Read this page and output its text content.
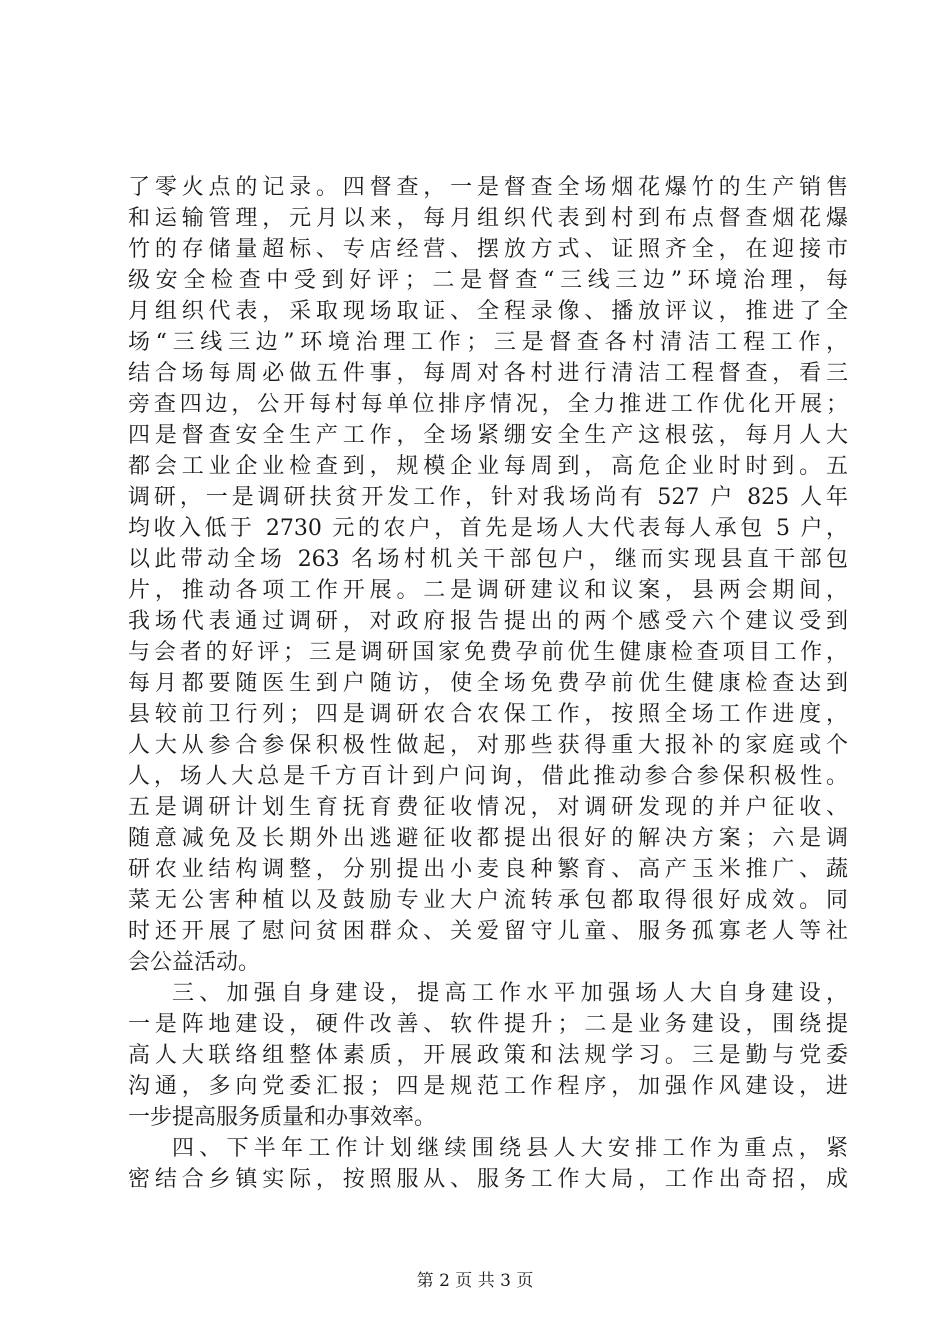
了零火点的记录。四督查，一是督查全场烟花爆竹的生产销售
和运输管理，元月以来，每月组织代表到村到布点督查烟花爆
竹的存储量超标、专店经营、摆放方式、证照齐全，在迎接市
级安全检查中受到好评；二是督查“三线三边”环境治理，每
月组织代表，采取现场取证、全程录像、播放评议，推进了全
场“三线三边”环境治理工作；三是督查各村清洁工程工作，
结合场每周必做五件事，每周对各村进行清洁工程督查，看三
旁查四边，公开每村每单位排序情况，全力推进工作优化开展；
四是督查安全生产工作，全场紧绷安全生产这根弦，每月人大
都会工业企业检查到，规模企业每周到，高危企业时时到。五
调研，一是调研扶贫开发工作，针对我场尚有 527 户 825 人年
均收入低于 2730 元的农户，首先是场人大代表每人承包 5 户，
以此带动全场 263 名场村机关干部包户，继而实现县直干部包
片，推动各项工作开展。二是调研建议和议案，县两会期间，
我场代表通过调研，对政府报告提出的两个感受六个建议受到
与会者的好评；三是调研国家免费孕前优生健康检查项目工作，
每月都要随医生到户随访，使全场免费孕前优生健康检查达到
县较前卫行列；四是调研农合农保工作，按照全场工作进度，
人大从参合参保积极性做起，对那些获得重大报补的家庭或个
人，场人大总是千方百计到户问询，借此推动参合参保积极性。
五是调研计划生育抚育费征收情况，对调研发现的并户征收、
随意减免及长期外出逃避征收都提出很好的解决方案；六是调
研农业结构调整，分别提出小麦良种繁育、高产玉米推广、蔬
菜无公害种植以及鼓励专业大户流转承包都取得很好成效。同
时还开展了慰问贫困群众、关爱留守儿童、服务孤寡老人等社
会公益活动。
三、加强自身建设，提高工作水平加强场人大自身建设，
一是阵地建设，硬件改善、软件提升；二是业务建设，围绕提
高人大联络组整体素质，开展政策和法规学习。三是勤与党委
沟通，多向党委汇报；四是规范工作程序，加强作风建设，进
一步提高服务质量和办事效率。
四、下半年工作计划继续围绕县人大安排工作为重点，紧
密结合乡镇实际，按照服从、服务工作大局，工作出奇招，成
第 2 页 共 3 页
